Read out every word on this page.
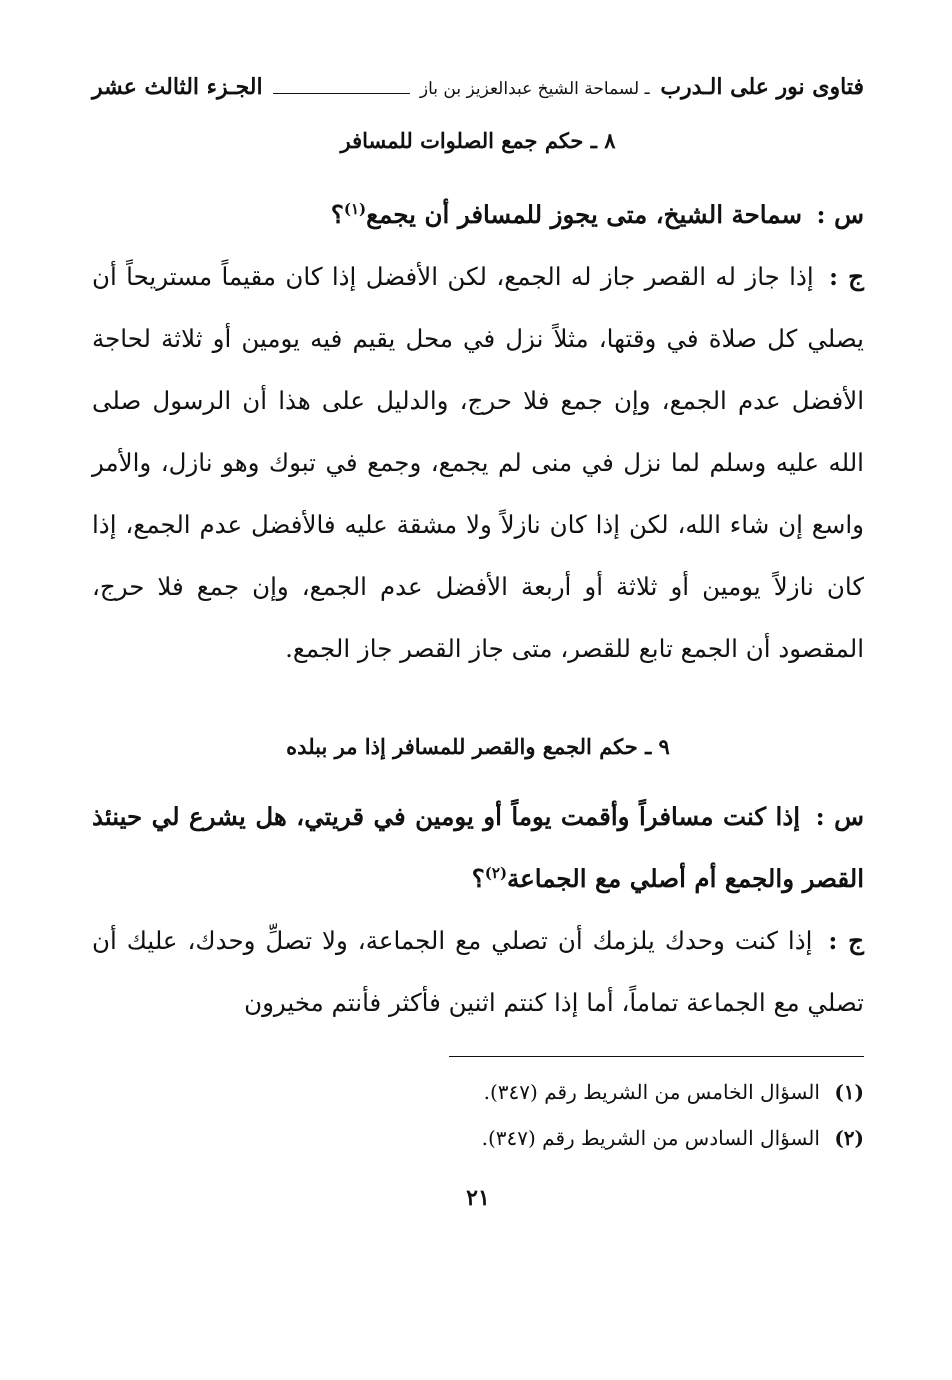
فتاوى نور على الـدرب ـ لسماحة الشيخ عبدالعزيز بن باز
الجـزء الثالث عشر
٨ ـ حكم جمع الصلوات للمسافر

س : سماحة الشيخ، متى يجوز للمسافر أن يجمع$^{(١)}$؟

ج : إذا جاز له القصر جاز له الجمع، لكن الأفضل إذا كان مقيماً مستريحاً أن يصلي كل صلاة في وقتها، مثلاً نزل في محل يقيم فيه يومين أو ثلاثة لحاجة الأفضل عدم الجمع، وإن جمع فلا حرج، والدليل على هذا أن الرسول صلى الله عليه وسلم لما نزل في منى لم يجمع، وجمع في تبوك وهو نازل، والأمر واسع إن شاء الله، لكن إذا كان نازلاً ولا مشقة عليه فالأفضل عدم الجمع، إذا كان نازلاً يومين أو ثلاثة أو أربعة الأفضل عدم الجمع، وإن جمع فلا حرج، المقصود أن الجمع تابع للقصر، متى جاز القصر جاز الجمع.

٩ ـ حكم الجمع والقصر للمسافر إذا مر ببلده

س : إذا كنت مسافراً وأقمت يوماً أو يومين في قريتي، هل يشرع لي حينئذ القصر والجمع أم أصلي مع الجماعة$^{(٢)}$؟

ج : إذا كنت وحدك يلزمك أن تصلي مع الجماعة، ولا تصلِّ وحدك، عليك أن تصلي مع الجماعة تماماً، أما إذا كنتم اثنين فأكثر فأنتم مخيرون

(١) السؤال الخامس من الشريط رقم (٣٤٧).
(٢) السؤال السادس من الشريط رقم (٣٤٧).
٢١
